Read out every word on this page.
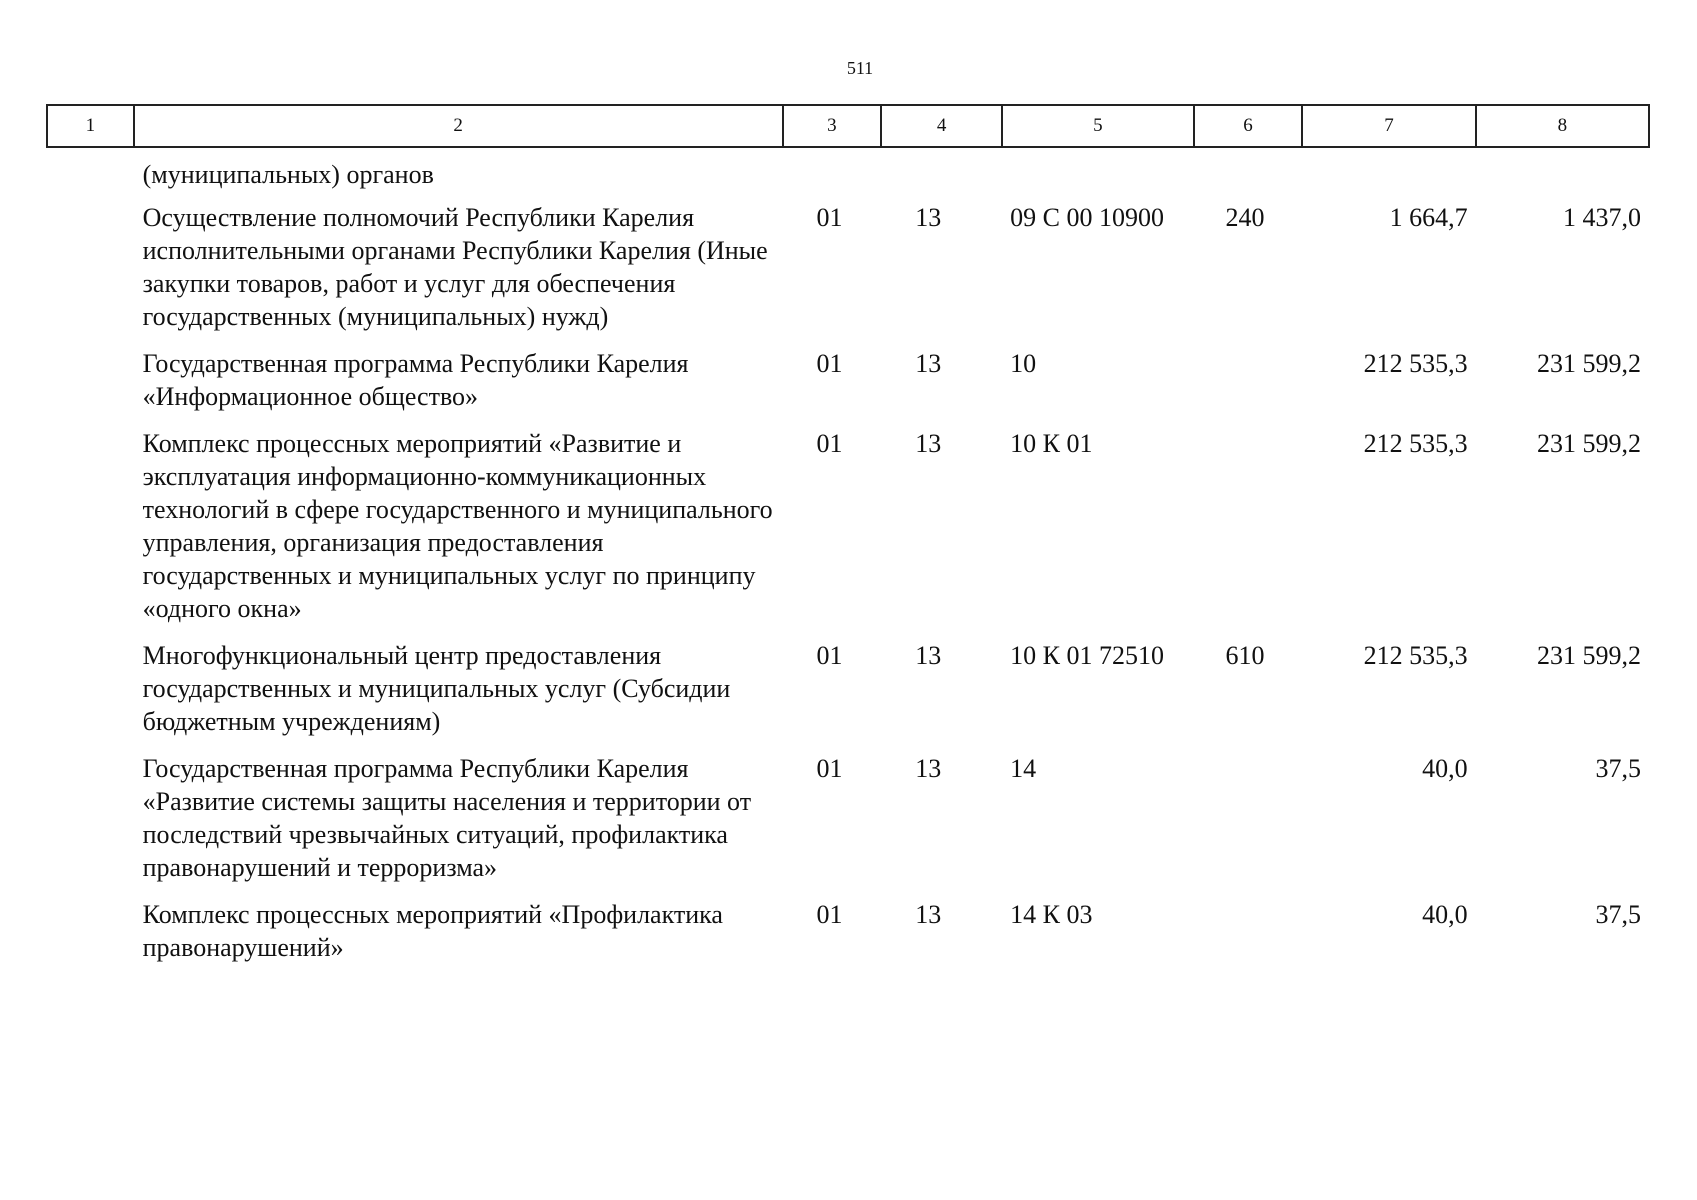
511
1	2	3	4	5	6	7	8
	(муниципальных) органов						
	Осуществление полномочий Республики Карелия исполнительными органами Республики Карелия (Иные закупки товаров, работ и услуг для обеспечения государственных (муниципальных) нужд)	01	13	09 С 00 10900	240	1 664,7	1 437,0
	Государственная программа Республики Карелия «Информационное общество»	01	13	10		212 535,3	231 599,2
	Комплекс процессных мероприятий «Развитие и эксплуатация информационно-коммуникационных технологий в сфере государственного и муниципального управления, организация предоставления государственных и муниципальных услуг по принципу «одного окна»	01	13	10 К 01		212 535,3	231 599,2
	Многофункциональный центр предоставления государственных и муниципальных услуг (Субсидии бюджетным учреждениям)	01	13	10 К 01 72510	610	212 535,3	231 599,2
	Государственная программа Республики Карелия «Развитие системы защиты населения и территории от последствий чрезвычайных ситуаций, профилактика правонарушений и терроризма»	01	13	14		40,0	37,5
	Комплекс процессных мероприятий «Профилактика правонарушений»	01	13	14 К 03		40,0	37,5
